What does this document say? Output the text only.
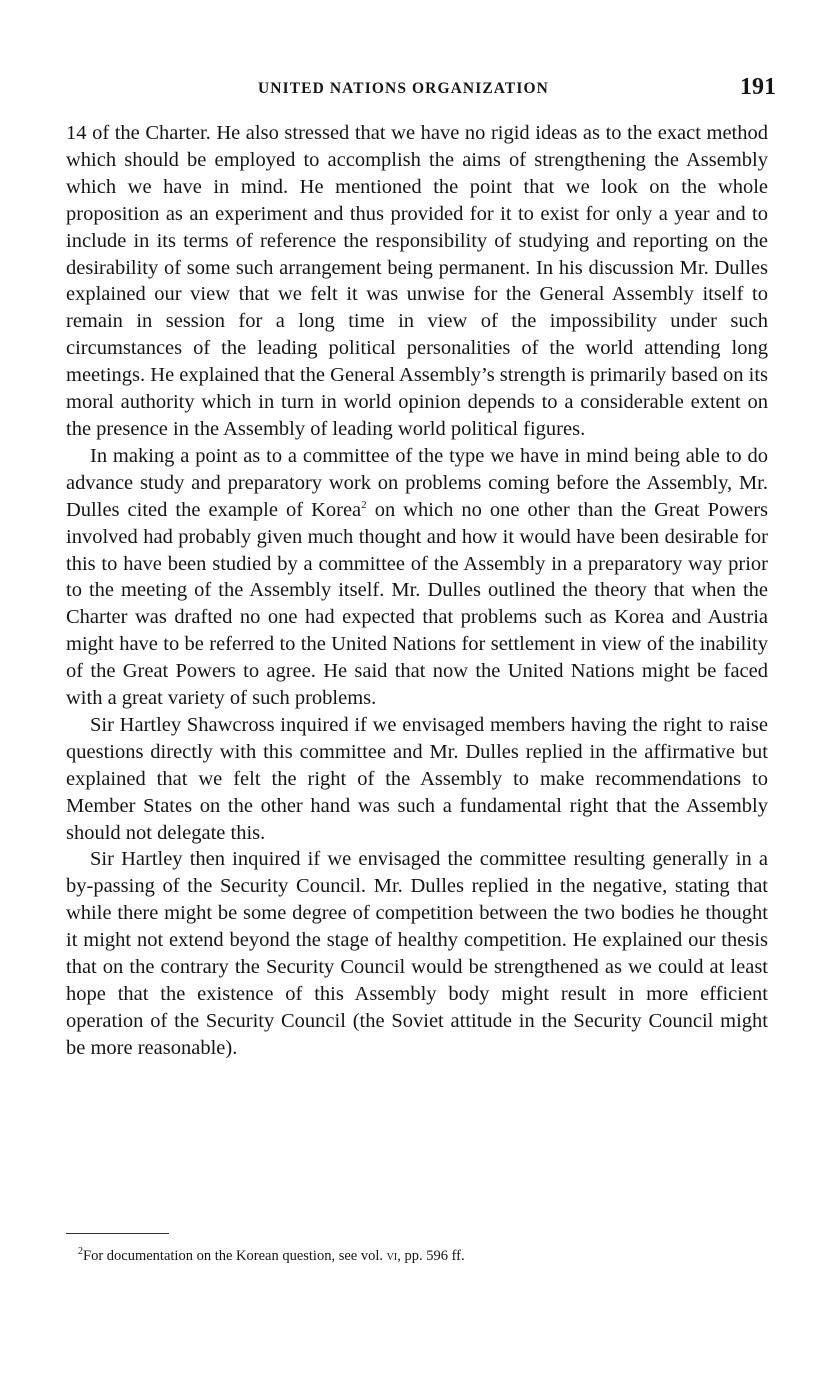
UNITED NATIONS ORGANIZATION	191

14 of the Charter. He also stressed that we have no rigid ideas as to the exact method which should be employed to accomplish the aims of strengthening the Assembly which we have in mind. He mentioned the point that we look on the whole proposition as an experiment and thus provided for it to exist for only a year and to include in its terms of reference the responsibility of studying and reporting on the desirability of some such arrangement being permanent. In his discussion Mr. Dulles explained our view that we felt it was unwise for the General Assembly itself to remain in session for a long time in view of the impossibility under such circumstances of the leading political personalities of the world attending long meetings. He explained that the General Assembly’s strength is primarily based on its moral authority which in turn in world opinion depends to a considerable extent on the presence in the Assembly of leading world political figures.

In making a point as to a committee of the type we have in mind being able to do advance study and preparatory work on problems coming before the Assembly, Mr. Dulles cited the example of Korea$^2$ on which no one other than the Great Powers involved had probably given much thought and how it would have been desirable for this to have been studied by a committee of the Assembly in a preparatory way prior to the meeting of the Assembly itself. Mr. Dulles outlined the theory that when the Charter was drafted no one had expected that problems such as Korea and Austria might have to be referred to the United Nations for settlement in view of the inability of the Great Powers to agree. He said that now the United Nations might be faced with a great variety of such problems.

Sir Hartley Shawcross inquired if we envisaged members having the right to raise questions directly with this committee and Mr. Dulles replied in the affirmative but explained that we felt the right of the Assembly to make recommendations to Member States on the other hand was such a fundamental right that the Assembly should not delegate this.

Sir Hartley then inquired if we envisaged the committee resulting generally in a by-passing of the Security Council. Mr. Dulles replied in the negative, stating that while there might be some degree of competition between the two bodies he thought it might not extend beyond the stage of healthy competition. He explained our thesis that on the contrary the Security Council would be strengthened as we could at least hope that the existence of this Assembly body might result in more efficient operation of the Security Council (the Soviet attitude in the Security Council might be more reasonable).

$^2$For documentation on the Korean question, see vol. vi, pp. 596 ff.
